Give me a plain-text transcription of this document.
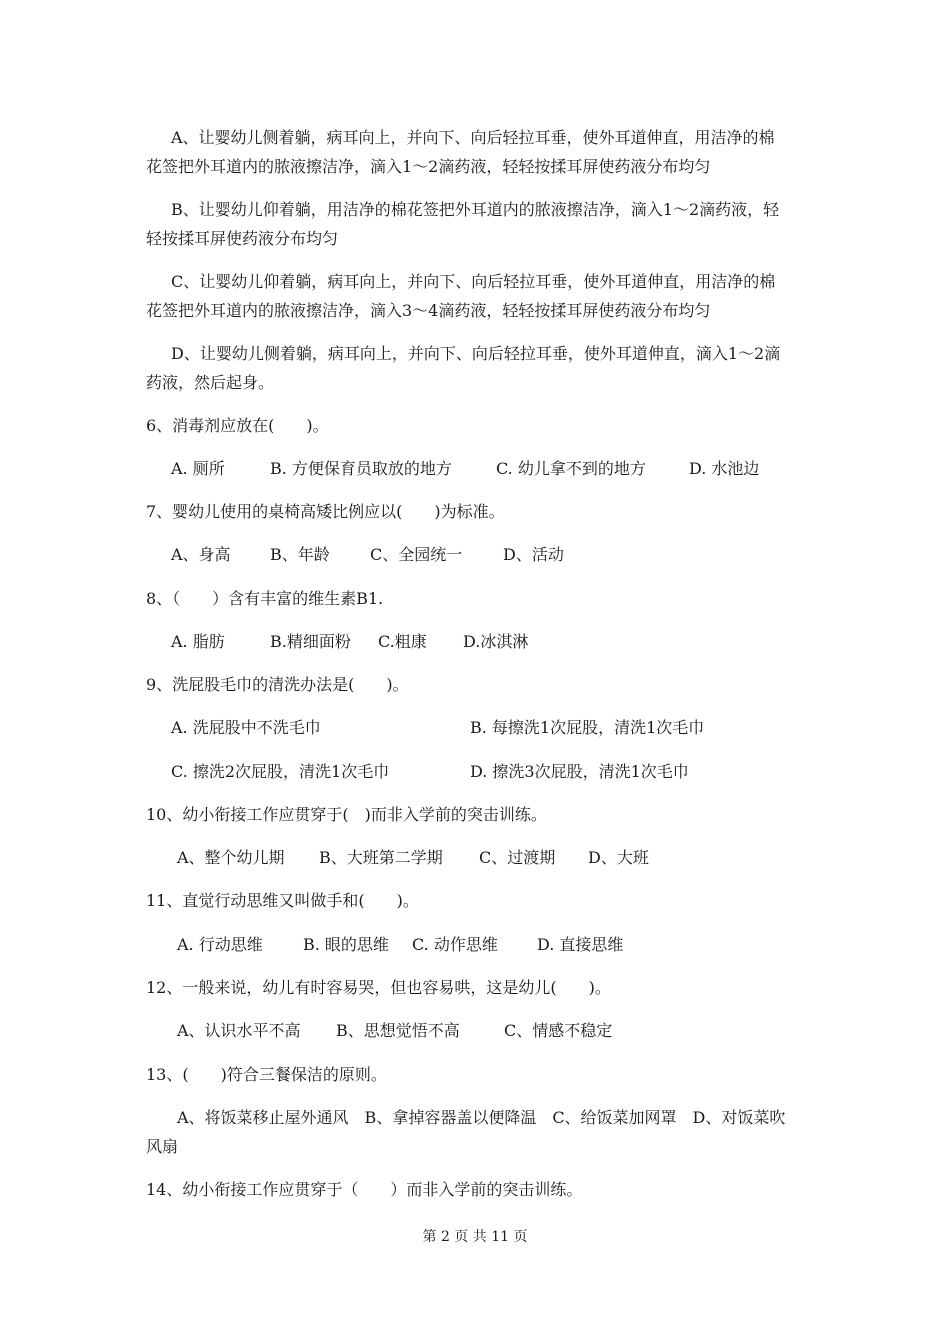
A、让婴幼儿侧着躺，病耳向上，并向下、向后轻拉耳垂，使外耳道伸直，用洁净的棉
花签把外耳道内的脓液擦洁净，滴入1～2滴药液，轻轻按揉耳屏使药液分布均匀
B、让婴幼儿仰着躺，用洁净的棉花签把外耳道内的脓液擦洁净，滴入1～2滴药液，轻
轻按揉耳屏使药液分布均匀
C、让婴幼儿仰着躺，病耳向上，并向下、向后轻拉耳垂，使外耳道伸直，用洁净的棉
花签把外耳道内的脓液擦洁净，滴入3～4滴药液，轻轻按揉耳屏使药液分布均匀
D、让婴幼儿侧着躺，病耳向上，并向下、向后轻拉耳垂，使外耳道伸直，滴入1～2滴
药液，然后起身。
6、消毒剂应放在(　　)。
A. 厕所	B. 方便保育员取放的地方	C. 幼儿拿不到的地方	D. 水池边
7、婴幼儿使用的桌椅高矮比例应以(　　)为标准。
A、身高 B、年龄	C、全园统一	D、活动
8、（　　）含有丰富的维生素B1.
A. 脂肪	B.精细面粉 C.粗康 D.冰淇淋
9、洗屁股毛巾的清洗办法是(　　)。
A. 洗屁股中不洗毛巾	B. 每擦洗1次屁股，清洗1次毛巾
C. 擦洗2次屁股，清洗1次毛巾	D. 擦洗3次屁股，清洗1次毛巾
10、幼小衔接工作应贯穿于(　)而非入学前的突击训练。
A、整个幼儿期 B、大班第二学期 C、过渡期 D、大班
11、直觉行动思维又叫做手和(　　)。
A. 行动思维	B. 眼的思维 C. 动作思维 D. 直接思维
12、一般来说，幼儿有时容易哭，但也容易哄，这是幼儿(　　)。
A、认识水平不高 B、思想觉悟不高	C、情感不稳定
13、(　　)符合三餐保洁的原则。
A、将饭菜移止屋外通风　B、拿掉容器盖以便降温　C、给饭菜加网罩　D、对饭菜吹
风扇
14、幼小衔接工作应贯穿于（　　）而非入学前的突击训练。
第 2 页 共 11 页
